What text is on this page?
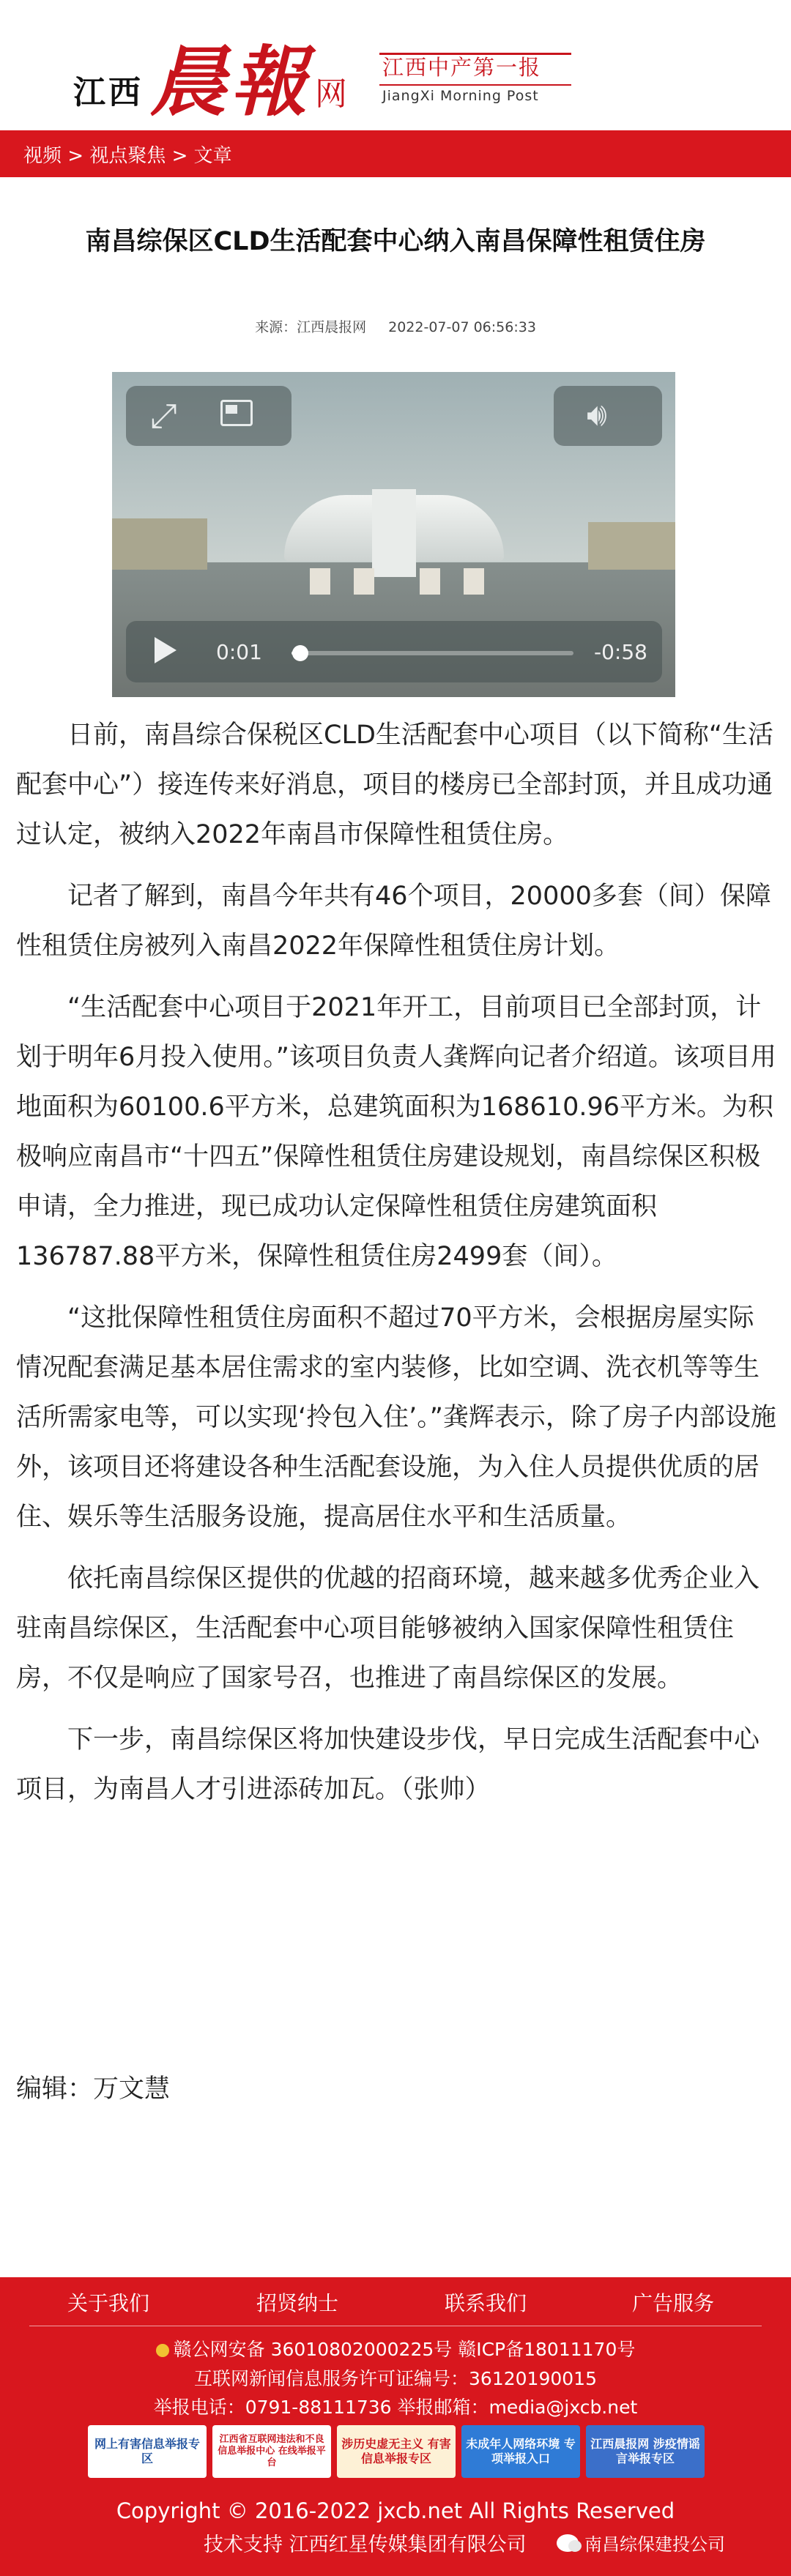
江西 晨報 网
江西中产第一报
JiangXi Morning Post
视频 > 视点聚焦 > 文章
南昌综保区CLD生活配套中心纳入南昌保障性租赁住房
来源：江西晨报网 2022-07-07 06:56:33
⤢	🔊︎
0:01	-0:58

日前，南昌综合保税区CLD生活配套中心项目（以下简称“生活配套中心”）接连传来好消息，项目的楼房已全部封顶，并且成功通过认定，被纳入2022年南昌市保障性租赁住房。

记者了解到，南昌今年共有46个项目，20000多套（间）保障性租赁住房被列入南昌2022年保障性租赁住房计划。

“生活配套中心项目于2021年开工，目前项目已全部封顶，计划于明年6月投入使用。”该项目负责人龚辉向记者介绍道。该项目用地面积为60100.6平方米，总建筑面积为168610.96平方米。为积极响应南昌市“十四五”保障性租赁住房建设规划，南昌综保区积极申请，全力推进，现已成功认定保障性租赁住房建筑面积136787.88平方米，保障性租赁住房2499套（间）。

“这批保障性租赁住房面积不超过70平方米，会根据房屋实际情况配套满足基本居住需求的室内装修，比如空调、洗衣机等等生活所需家电等，可以实现‘拎包入住’。”龚辉表示，除了房子内部设施外，该项目还将建设各种生活配套设施，为入住人员提供优质的居住、娱乐等生活服务设施，提高居住水平和生活质量。

依托南昌综保区提供的优越的招商环境，越来越多优秀企业入驻南昌综保区，生活配套中心项目能够被纳入国家保障性租赁住房，不仅是响应了国家号召，也推进了南昌综保区的发展。

下一步，南昌综保区将加快建设步伐，早日完成生活配套中心项目，为南昌人才引进添砖加瓦。（张帅）

编辑：万文慧
关于我们	招贤纳士	联系我们	广告服务
赣公网安备 36010802000225号 赣ICP备18011170号
互联网新闻信息服务许可证编号：36120190015
举报电话：0791-88111736 举报邮箱：media@jxcb.net
网上有害信息举报专区
江西省互联网违法和不良信息举报中心 在线举报平台
涉历史虚无主义 有害信息举报专区
未成年人网络环境 专项举报入口
江西晨报网 涉疫情谣言举报专区
Copyright © 2016-2022 jxcb.net All Rights Reserved
技术支持 江西红星传媒集团有限公司	南昌综保建投公司
